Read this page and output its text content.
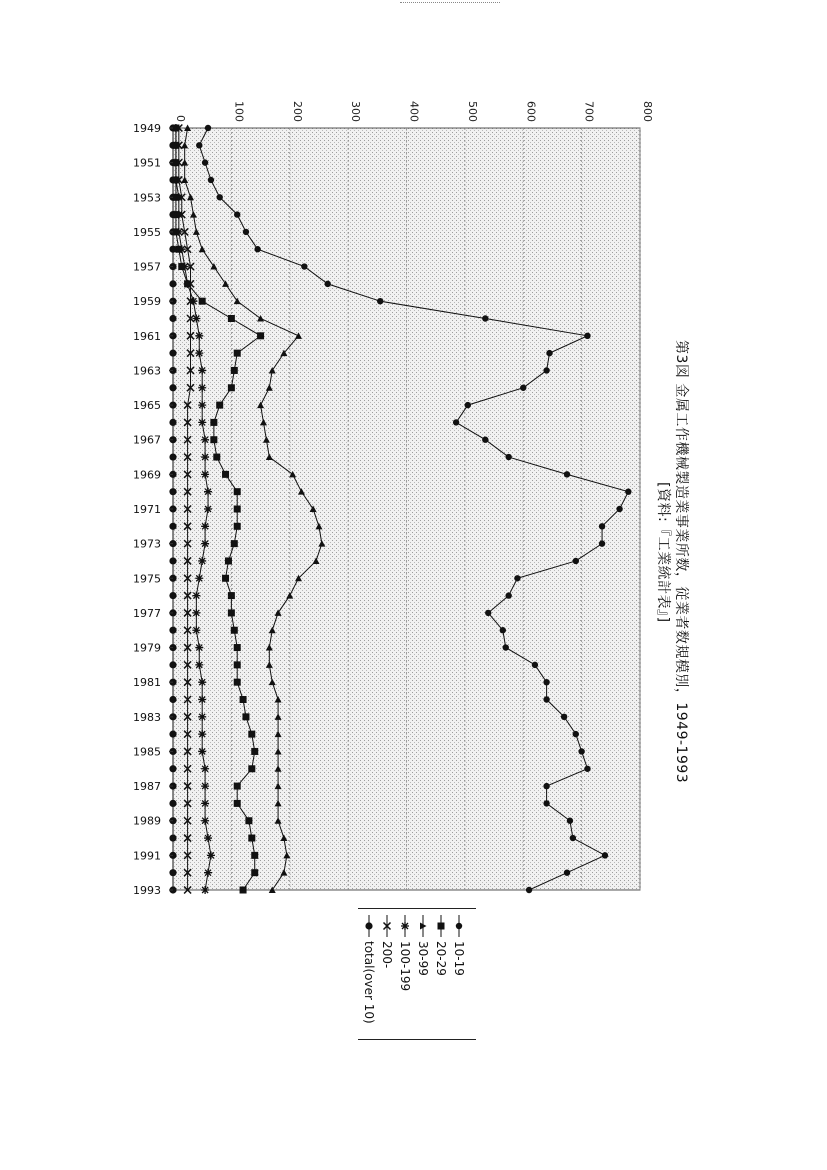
0	100	200	300	400	500	600	700	800
1949
1951
1953
1955
1957
1959
1961
1963
1965
1967
1969
1971
1973
1975
1977
1979
1981
1983
1985
1987
1989
1991
1993
第3図 金属工作機械製造業事業所数，従業者数規模別，1949-1993
[資料:『工業統計表』]
10-19
20-29
30-99
100-199
200-
total(over 10)
